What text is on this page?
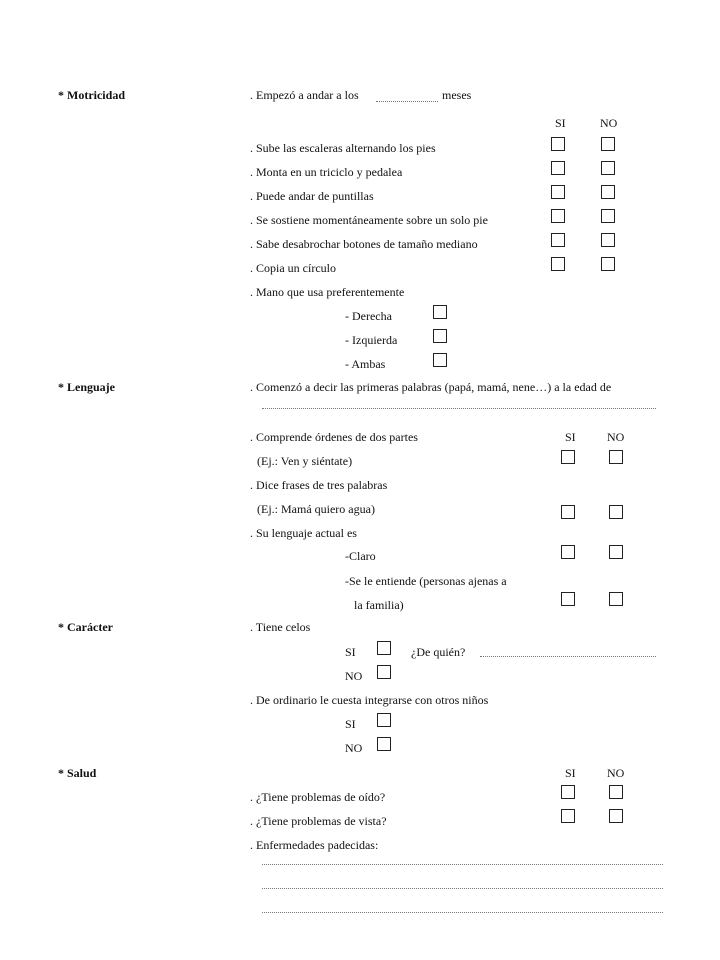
* Motricidad	. Empezó a andar a los	meses
SI	NO
. Sube las escaleras alternando los pies
. Monta en un triciclo y pedalea
. Puede andar de puntillas
. Se sostiene momentáneamente sobre un solo pie
. Sabe desabrochar botones de tamaño mediano
. Copia un círculo
. Mano que usa preferentemente
- Derecha
- Izquierda
- Ambas
* Lenguaje	. Comenzó a decir las primeras palabras (papá, mamá, nene…) a la edad de
. Comprende órdenes de dos partes	SI	NO
(Ej.: Ven y siéntate)
. Dice frases de tres palabras
(Ej.: Mamá quiero agua)
. Su lenguaje actual es
-Claro
-Se le entiende (personas ajenas a
la familia)
* Carácter	. Tiene celos
SI	¿De quién?
NO
. De ordinario le cuesta integrarse con otros niños
SI
NO
* Salud	SI	NO
. ¿Tiene problemas de oído?
. ¿Tiene problemas de vista?
. Enfermedades padecidas:
